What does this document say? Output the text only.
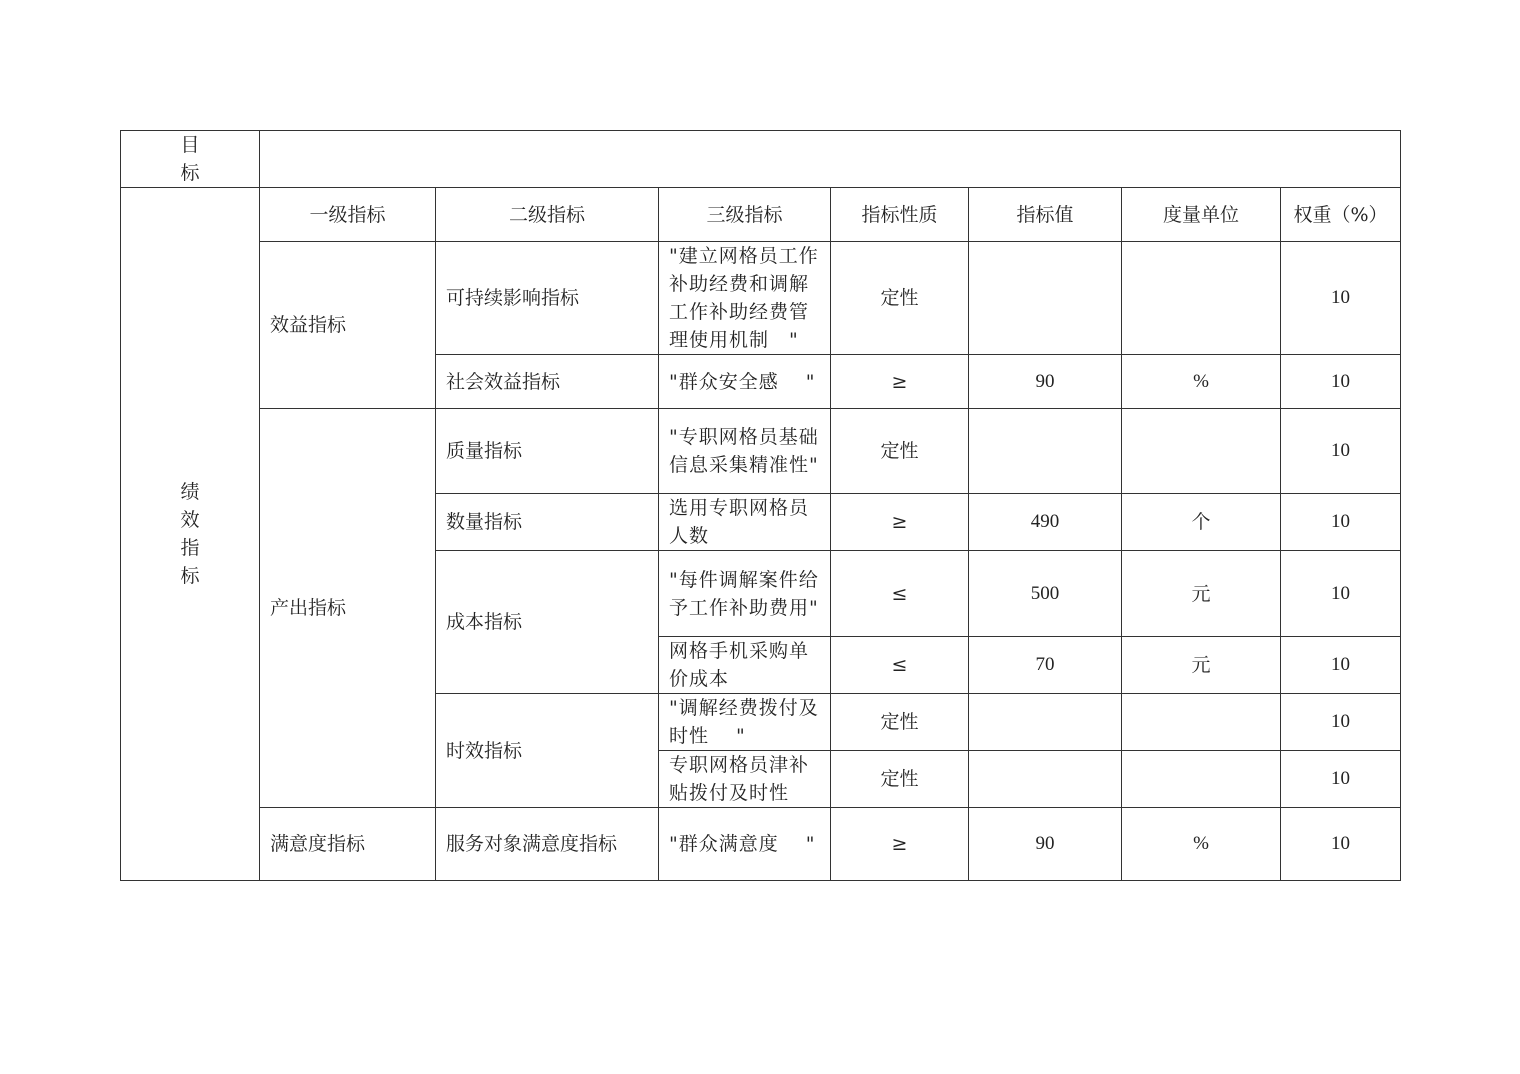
目标							
绩效指标	一级指标	二级指标	三级指标	指标性质	指标值	度量单位	权重（%）
	效益指标	可持续影响指标	"建立网格员工作补助经费和调解工作补助经费管理使用机制　"	定性			10
		社会效益指标	"群众安全感　 "	≥	90	%	10
	产出指标	质量指标	"专职网格员基础信息采集精准性"	定性			10
		数量指标	选用专职网格员人数	≥	490	个	10
		成本指标	"每件调解案件给予工作补助费用"	≤	500	元	10
			网格手机采购单价成本	≤	70	元	10
		时效指标	"调解经费拨付及时性　 "	定性			10
			专职网格员津补贴拨付及时性	定性			10
	满意度指标	服务对象满意度指标	"群众满意度　 "	≥	90	%	10
